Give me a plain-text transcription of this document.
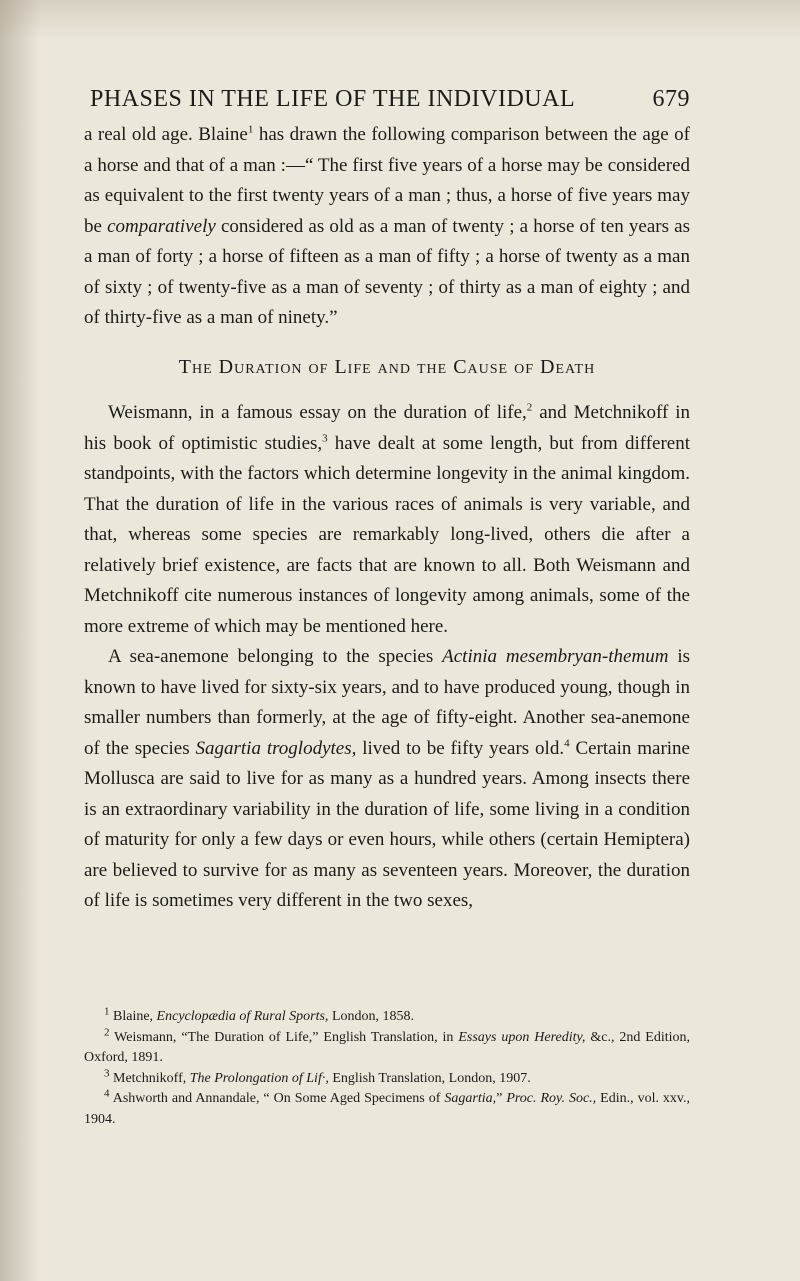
PHASES IN THE LIFE OF THE INDIVIDUAL	679

a real old age. Blaine$^1$ has drawn the following comparison between the age of a horse and that of a man :—“ The first five years of a horse may be considered as equivalent to the first twenty years of a man ; thus, a horse of five years may be comparatively considered as old as a man of twenty ; a horse of ten years as a man of forty ; a horse of fifteen as a man of fifty ; a horse of twenty as a man of sixty ; of twenty-five as a man of seventy ; of thirty as a man of eighty ; and of thirty-five as a man of ninety.”

The Duration of Life and the Cause of Death

Weismann, in a famous essay on the duration of life,$^2$ and Metchnikoff in his book of optimistic studies,$^3$ have dealt at some length, but from different standpoints, with the factors which determine longevity in the animal kingdom. That the duration of life in the various races of animals is very variable, and that, whereas some species are remarkably long-lived, others die after a relatively brief existence, are facts that are known to all. Both Weismann and Metchnikoff cite numerous instances of longevity among animals, some of the more extreme of which may be mentioned here.

A sea-anemone belonging to the species Actinia mesembryan-themum is known to have lived for sixty-six years, and to have produced young, though in smaller numbers than formerly, at the age of fifty-eight. Another sea-anemone of the species Sagartia troglodytes, lived to be fifty years old.$^4$ Certain marine Mollusca are said to live for as many as a hundred years. Among insects there is an extraordinary variability in the duration of life, some living in a condition of maturity for only a few days or even hours, while others (certain Hemiptera) are believed to survive for as many as seventeen years. Moreover, the duration of life is sometimes very different in the two sexes,

$^1$ Blaine, Encyclopædia of Rural Sports, London, 1858.

$^2$ Weismann, “The Duration of Life,” English Translation, in Essays upon Heredity, &c., 2nd Edition, Oxford, 1891.

$^3$ Metchnikoff, The Prolongation of Lif·, English Translation, London, 1907.

$^4$ Ashworth and Annandale, “ On Some Aged Specimens of Sagartia,” Proc. Roy. Soc., Edin., vol. xxv., 1904.
